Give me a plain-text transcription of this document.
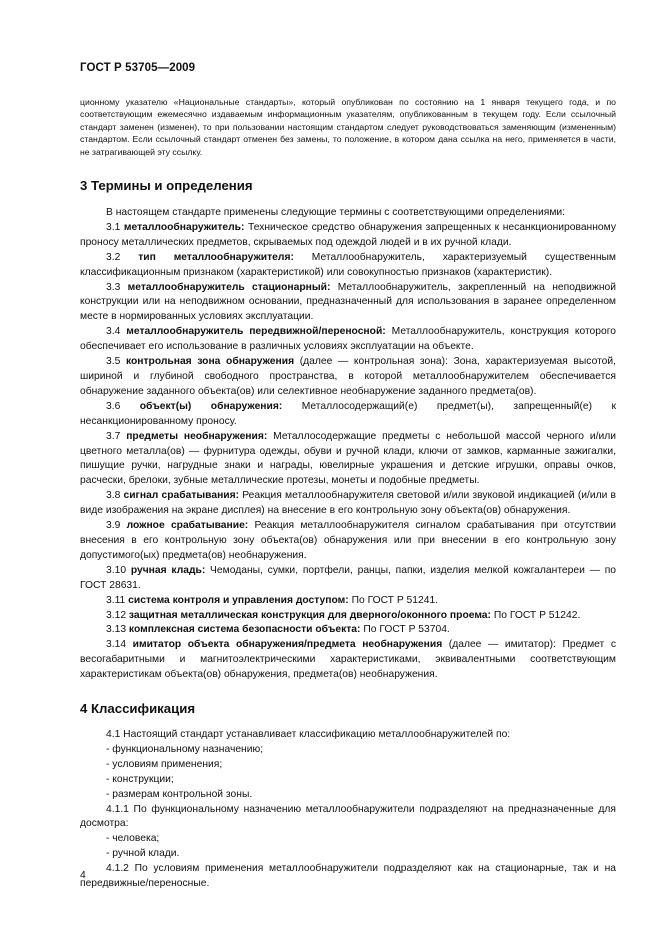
ГОСТ Р 53705—2009

ционному указателю «Национальные стандарты», который опубликован по состоянию на 1 января текущего года, и по соответствующим ежемесячно издаваемым информационным указателям, опубликованным в текущем году. Если ссылочный стандарт заменен (изменен), то при пользовании настоящим стандартом следует руководствоваться заменяющим (измененным) стандартом. Если ссылочный стандарт отменен без замены, то положение, в котором дана ссылка на него, применяется в части, не затрагивающей эту ссылку.

3 Термины и определения

В настоящем стандарте применены следующие термины с соответствующими определениями:

3.1 металлообнаружитель: Техническое средство обнаружения запрещенных к несанкционированному проносу металлических предметов, скрываемых под одеждой людей и в их ручной клади.

3.2 тип металлообнаружителя: Металлообнаружитель, характеризуемый существенным классификационным признаком (характеристикой) или совокупностью признаков (характеристик).

3.3 металлообнаружитель стационарный: Металлообнаружитель, закрепленный на неподвижной конструкции или на неподвижном основании, предназначенный для использования в заранее определенном месте в нормированных условиях эксплуатации.

3.4 металлообнаружитель передвижной/переносной: Металлообнаружитель, конструкция которого обеспечивает его использование в различных условиях эксплуатации на объекте.

3.5 контрольная зона обнаружения (далее — контрольная зона): Зона, характеризуемая высотой, шириной и глубиной свободного пространства, в которой металлообнаружителем обеспечивается обнаружение заданного объекта(ов) или селективное необнаружение заданного предмета(ов).

3.6 объект(ы) обнаружения: Металлосодержащий(е) предмет(ы), запрещенный(е) к несанкционированному проносу.

3.7 предметы необнаружения: Металлосодержащие предметы с небольшой массой черного и/или цветного металла(ов) — фурнитура одежды, обуви и ручной клади, ключи от замков, карманные зажигалки, пишущие ручки, нагрудные знаки и награды, ювелирные украшения и детские игрушки, оправы очков, расчески, брелоки, зубные металлические протезы, монеты и подобные предметы.

3.8 сигнал срабатывания: Реакция металлообнаружителя световой и/или звуковой индикацией (и/или в виде изображения на экране дисплея) на внесение в его контрольную зону объекта(ов) обнаружения.

3.9 ложное срабатывание: Реакция металлообнаружителя сигналом срабатывания при отсутствии внесения в его контрольную зону объекта(ов) обнаружения или при внесении в его контрольную зону допустимого(ых) предмета(ов) необнаружения.

3.10 ручная кладь: Чемоданы, сумки, портфели, ранцы, папки, изделия мелкой кожгалантереи — по ГОСТ 28631.

3.11 система контроля и управления доступом: По ГОСТ Р 51241.

3.12 защитная металлическая конструкция для дверного/оконного проема: По ГОСТ Р 51242.

3.13 комплексная система безопасности объекта: По ГОСТ Р 53704.

3.14 имитатор объекта обнаружения/предмета необнаружения (далее — имитатор): Предмет с весогабаритными и магнитоэлектрическими характеристиками, эквивалентными соответствующим характеристикам объекта(ов) обнаружения, предмета(ов) необнаружения.

4 Классификация

4.1 Настоящий стандарт устанавливает классификацию металлообнаружителей по:

- функциональному назначению;
- условиям применения;
- конструкции;
- размерам контрольной зоны.

4.1.1 По функциональному назначению металлообнаружители подразделяют на предназначенные для досмотра:

- человека;
- ручной клади.

4.1.2 По условиям применения металлообнаружители подразделяют как на стационарные, так и на передвижные/переносные.

4
